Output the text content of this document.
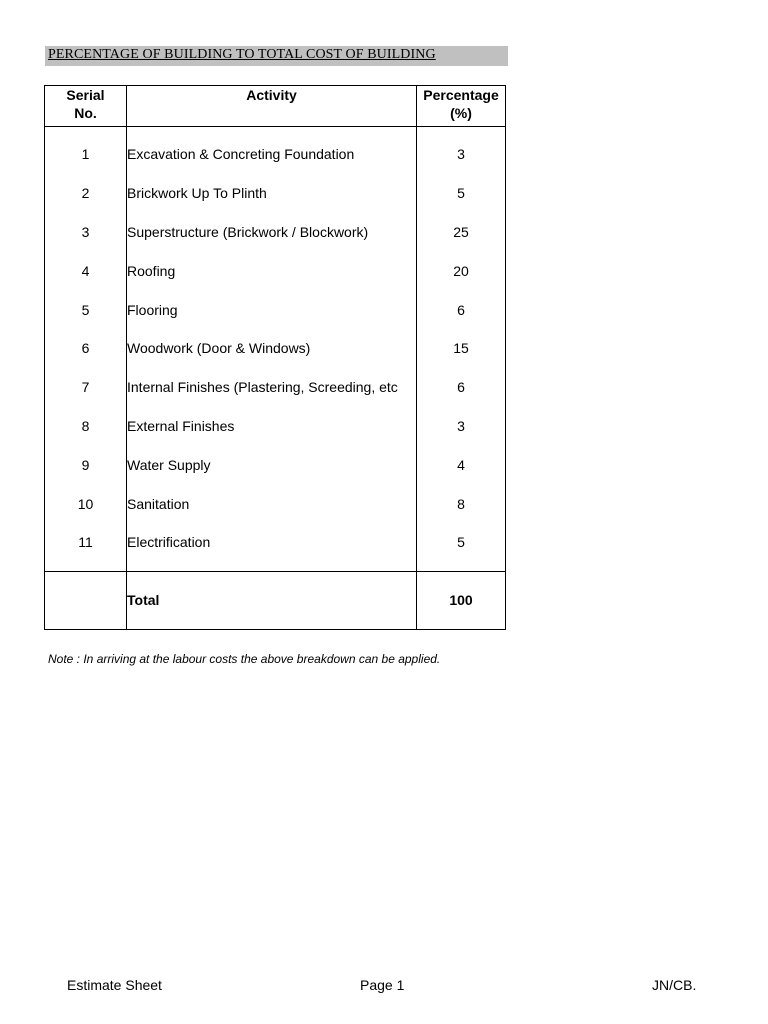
PERCENTAGE OF BUILDING TO TOTAL COST OF BUILDING
Serial
No.	Activity	Percentage
(%)

1	Excavation & Concreting Foundation	3
2	Brickwork Up To Plinth	5
3	Superstructure (Brickwork / Blockwork)	25
4	Roofing	20
5	Flooring	6
6	Woodwork (Door & Windows)	15
7	Internal Finishes (Plastering, Screeding, etc	6
8	External Finishes	3
9	Water Supply	4
10	Sanitation	8
11	Electrification	5

	Total	100
Note : In arriving at the labour costs the above breakdown can be applied.
Estimate Sheet	Page 1	JN/CB.
